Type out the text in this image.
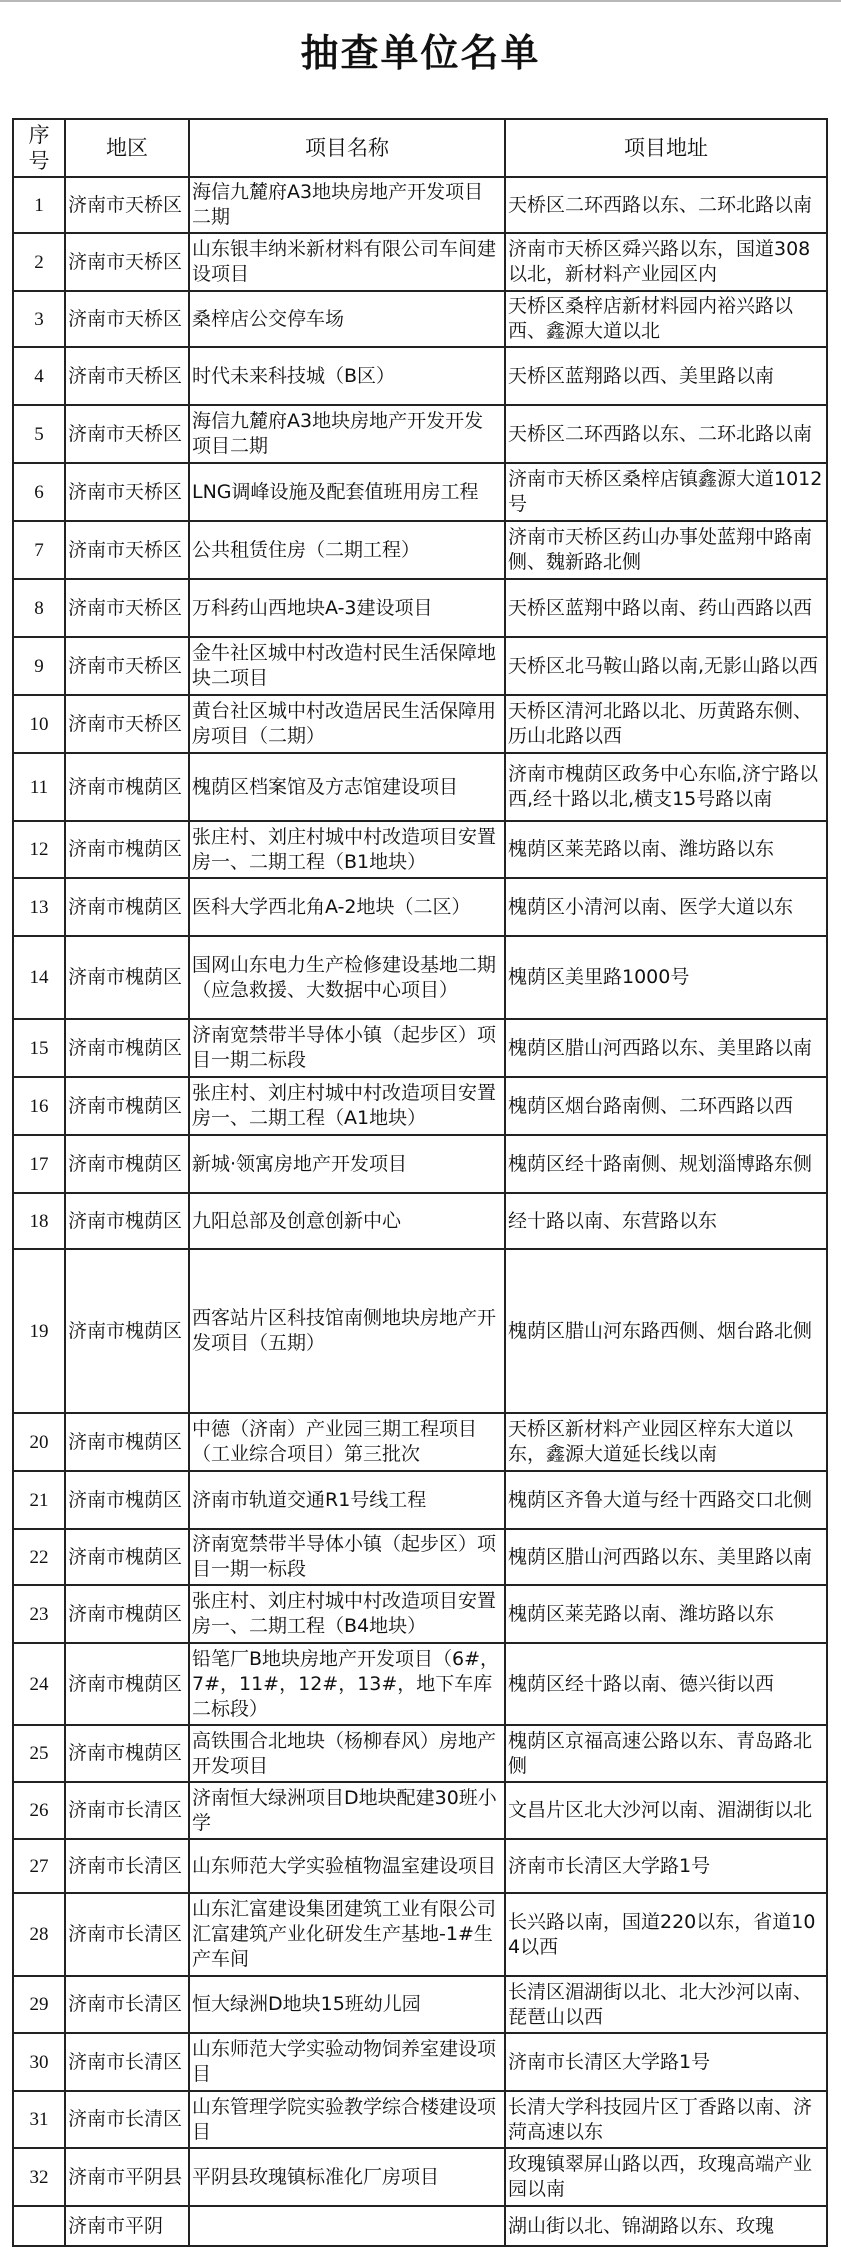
抽查单位名单
序号	地区	项目名称	项目地址
1	济南市天桥区	海信九麓府A3地块房地产开发项目二期	天桥区二环西路以东、二环北路以南
2	济南市天桥区	山东银丰纳米新材料有限公司车间建设项目	济南市天桥区舜兴路以东，国道308以北，新材料产业园区内
3	济南市天桥区	桑梓店公交停车场	天桥区桑梓店新材料园内裕兴路以西、鑫源大道以北
4	济南市天桥区	时代未来科技城（B区）	天桥区蓝翔路以西、美里路以南
5	济南市天桥区	海信九麓府A3地块房地产开发开发项目二期	天桥区二环西路以东、二环北路以南
6	济南市天桥区	LNG调峰设施及配套值班用房工程	济南市天桥区桑梓店镇鑫源大道1012号
7	济南市天桥区	公共租赁住房（二期工程）	济南市天桥区药山办事处蓝翔中路南侧、魏新路北侧
8	济南市天桥区	万科药山西地块A-3建设项目	天桥区蓝翔中路以南、药山西路以西
9	济南市天桥区	金牛社区城中村改造村民生活保障地块二项目	天桥区北马鞍山路以南,无影山路以西
10	济南市天桥区	黄台社区城中村改造居民生活保障用房项目（二期）	天桥区清河北路以北、历黄路东侧、历山北路以西
11	济南市槐荫区	槐荫区档案馆及方志馆建设项目	济南市槐荫区政务中心东临,济宁路以西,经十路以北,横支15号路以南
12	济南市槐荫区	张庄村、刘庄村城中村改造项目安置房一、二期工程（B1地块）	槐荫区莱芜路以南、潍坊路以东
13	济南市槐荫区	医科大学西北角A-2地块（二区）	槐荫区小清河以南、医学大道以东
14	济南市槐荫区	国网山东电力生产检修建设基地二期（应急救援、大数据中心项目）	槐荫区美里路1000号
15	济南市槐荫区	济南宽禁带半导体小镇（起步区）项目一期二标段	槐荫区腊山河西路以东、美里路以南
16	济南市槐荫区	张庄村、刘庄村城中村改造项目安置房一、二期工程（A1地块）	槐荫区烟台路南侧、二环西路以西
17	济南市槐荫区	新城·领寓房地产开发项目	槐荫区经十路南侧、规划淄博路东侧
18	济南市槐荫区	九阳总部及创意创新中心	经十路以南、东营路以东
19	济南市槐荫区	西客站片区科技馆南侧地块房地产开发项目（五期）	槐荫区腊山河东路西侧、烟台路北侧
20	济南市槐荫区	中德（济南）产业园三期工程项目（工业综合项目）第三批次	天桥区新材料产业园区梓东大道以东，鑫源大道延长线以南
21	济南市槐荫区	济南市轨道交通R1号线工程	槐荫区齐鲁大道与经十西路交口北侧
22	济南市槐荫区	济南宽禁带半导体小镇（起步区）项目一期一标段	槐荫区腊山河西路以东、美里路以南
23	济南市槐荫区	张庄村、刘庄村城中村改造项目安置房一、二期工程（B4地块）	槐荫区莱芜路以南、潍坊路以东
24	济南市槐荫区	铅笔厂B地块房地产开发项目（6#，7#，11#，12#，13#，地下车库二标段）	槐荫区经十路以南、德兴街以西
25	济南市槐荫区	高铁围合北地块（杨柳春风）房地产开发项目	槐荫区京福高速公路以东、青岛路北侧
26	济南市长清区	济南恒大绿洲项目D地块配建30班小学	文昌片区北大沙河以南、湄湖街以北
27	济南市长清区	山东师范大学实验植物温室建设项目	济南市长清区大学路1号
28	济南市长清区	山东汇富建设集团建筑工业有限公司汇富建筑产业化研发生产基地-1#生产车间	长兴路以南，国道220以东，省道104以西
29	济南市长清区	恒大绿洲D地块15班幼儿园	长清区湄湖街以北、北大沙河以南、琵琶山以西
30	济南市长清区	山东师范大学实验动物饲养室建设项目	济南市长清区大学路1号
31	济南市长清区	山东管理学院实验教学综合楼建设项目	长清大学科技园片区丁香路以南、济菏高速以东
32	济南市平阴县	平阴县玫瑰镇标准化厂房项目	玫瑰镇翠屏山路以西，玫瑰高端产业园以南
	济南市平阴		湖山街以北、锦湖路以东、玫瑰
